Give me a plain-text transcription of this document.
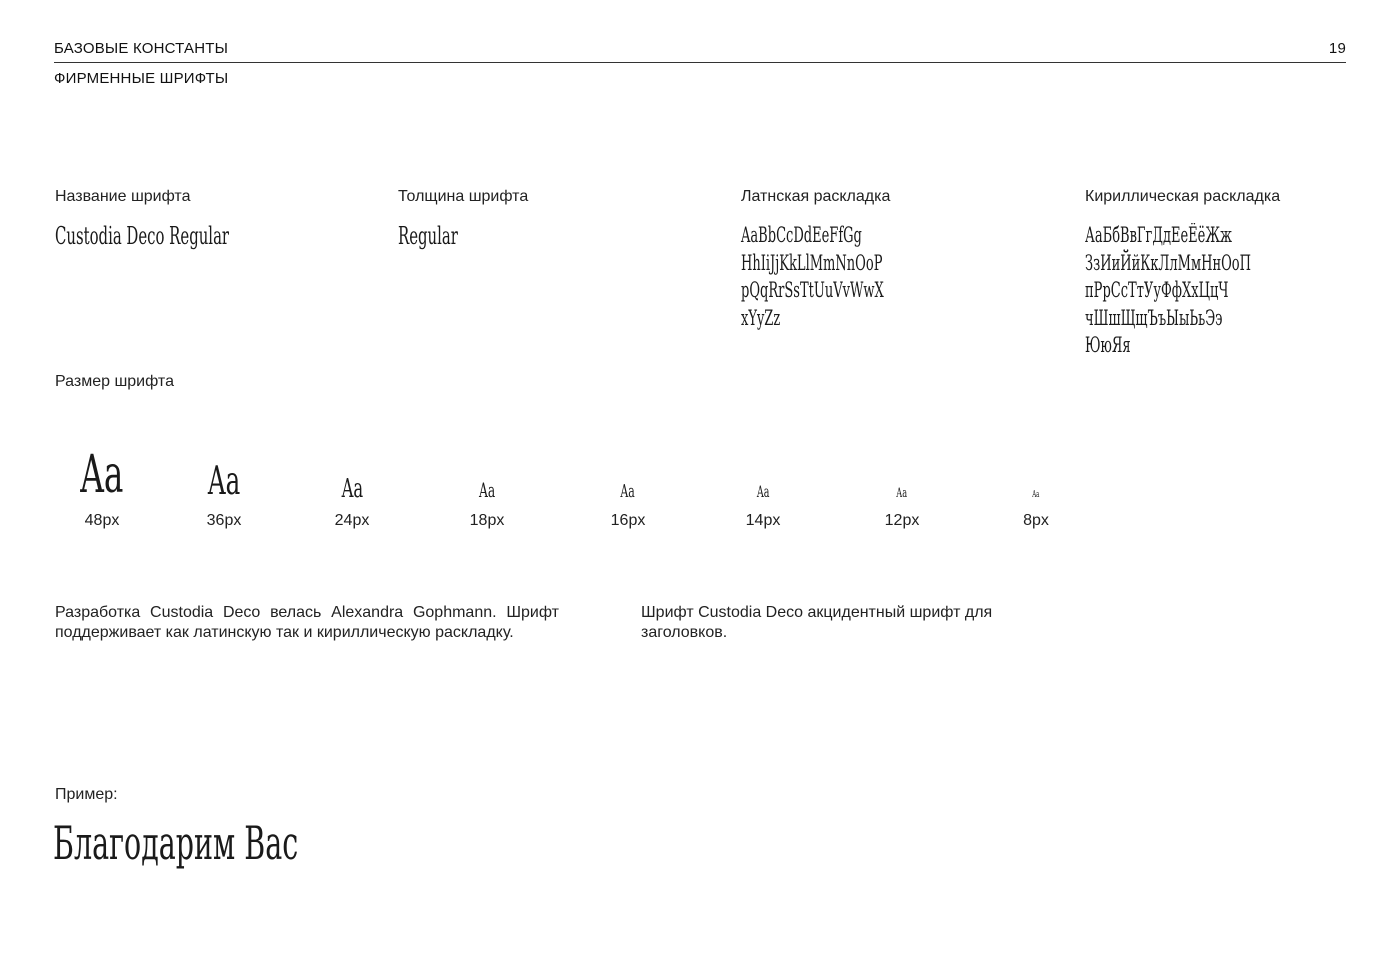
БАЗОВЫЕ КОНСТАНТЫ	19
ФИРМЕННЫЕ ШРИФТЫ
Название шрифта
Custodia Deco Regular
Толщина шрифта
Regular
Латнская раскладка
AaBbCcDdEeFfGg
HhIiJjKkLlMmNnOoP
pQqRrSsTtUuVvWwX
xYyZz
Кириллическая раскладка
АаБбВвГгДдЕеЁёЖж
ЗзИиЙйКкЛлМмНнОоП
пРрСсТтУуФфХхЦцЧ
чШшЩщЪъЫыЬьЭэ
ЮюЯя
Размер шрифта
Aa
48px
Aa
36px
Aa
24px
Aa
18px
Aa
16px
Aa
14px
Aa
12px
Aa
8px
Разработка Custodia Deco велась Alexandra Gophmann. Шрифт поддерживает как латинскую так и кириллическую раскладку.
Шрифт Custodia Deco акцидентный шрифт для заголовков.
Пример:
Благодарим Вас
